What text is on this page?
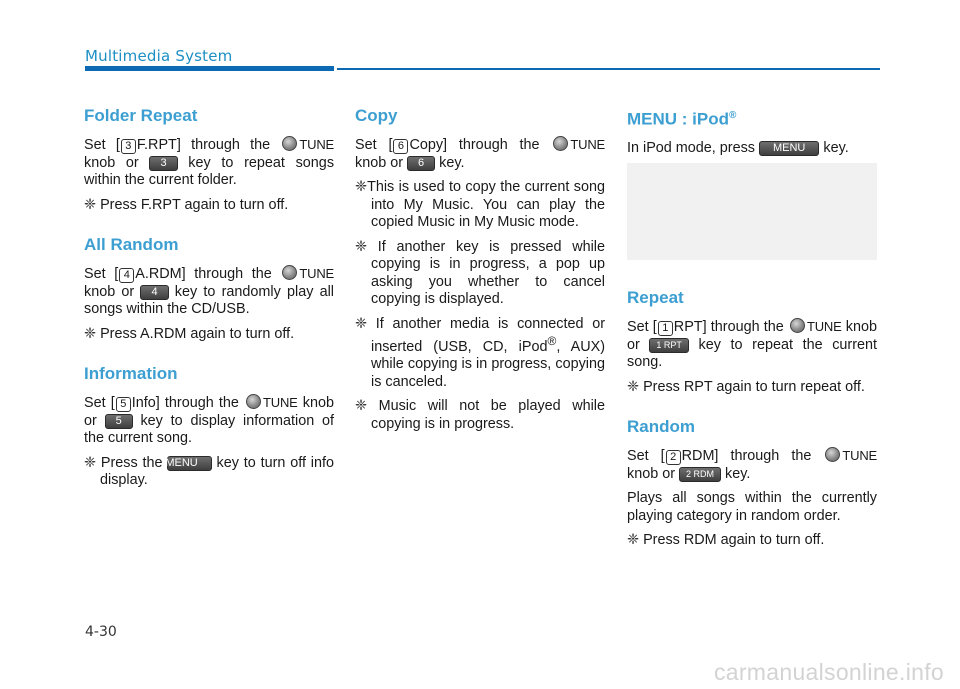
Multimedia System
Folder Repeat

Set [ 3 F.RPT] through the TUNE knob or 3 key to repeat songs within the current folder.

❈ Press F.RPT again to turn off.

All Random

Set [ 4 A.RDM] through the TUNE knob or 4 key to randomly play all songs within the CD/USB.

❈ Press A.RDM again to turn off.

Information

Set [ 5 Info] through the TUNE knob or 5 key to display information of the current song.

❈ Press the MENU key to turn off info display.

Copy

Set [ 6 Copy] through the TUNE knob or 6 key.

❈This is used to copy the current song into My Music. You can play the copied Music in My Music mode.

❈ If another key is pressed while copying is in progress, a pop up asking you whether to cancel copying is displayed.

❈ If another media is connected or inserted (USB, CD, iPod®, AUX) while copying is in progress, copying is canceled.

❈ Music will not be played while copying is in progress.

MENU : iPod®

In iPod mode, press MENU key.

Repeat

Set [ 1 RPT] through the TUNE knob or 1 RPT key to repeat the current song.

❈ Press RPT again to turn repeat off.

Random

Set [ 2 RDM] through the TUNE knob or 2 RDM key.

Plays all songs within the currently playing category in random order.

❈ Press RDM again to turn off.

4-30
carmanualsonline.info
